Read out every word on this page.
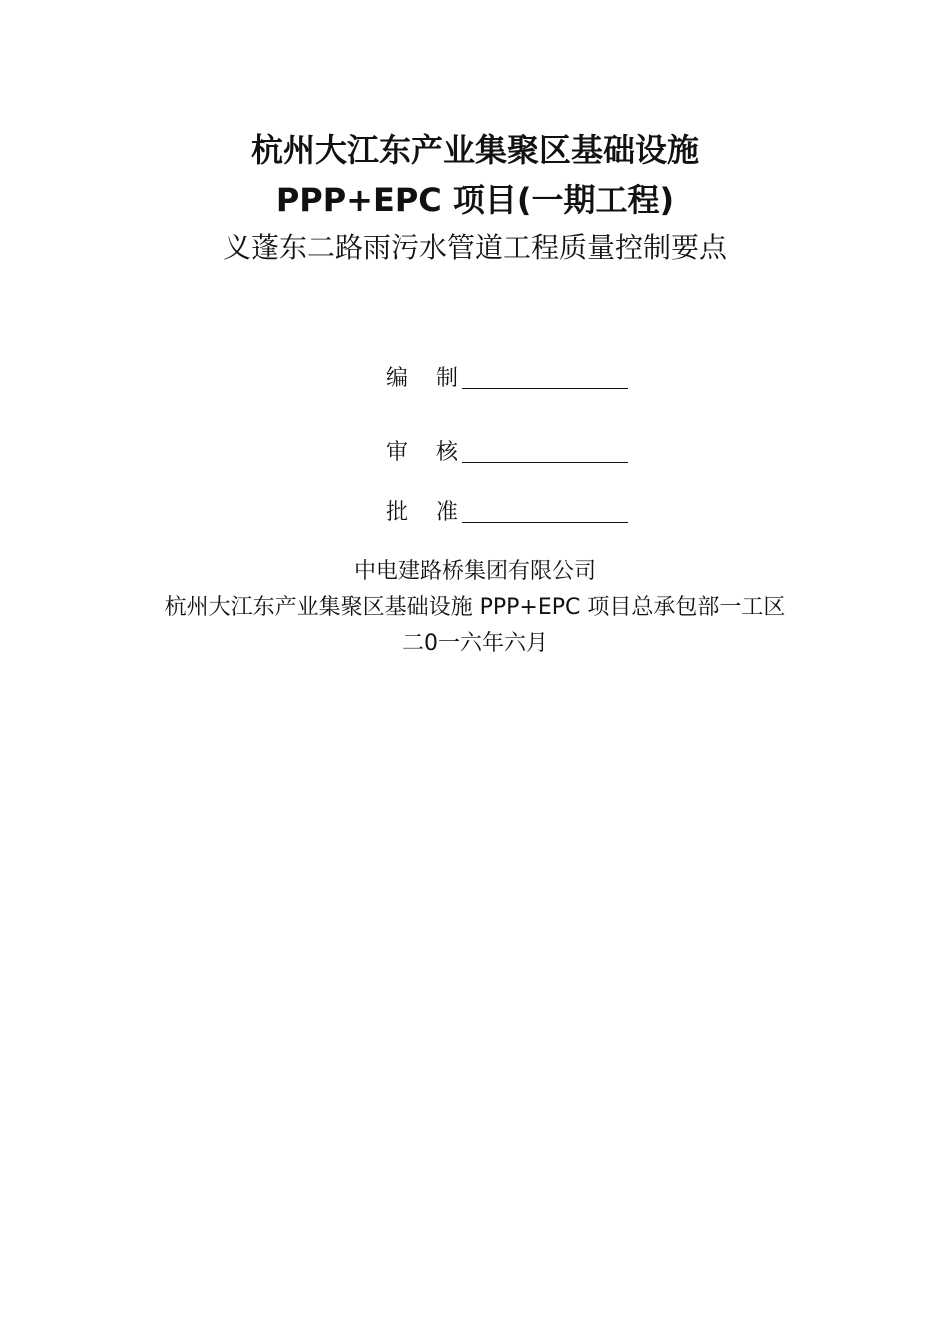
杭州大江东产业集聚区基础设施
PPP+EPC 项目(一期工程)
义蓬东二路雨污水管道工程质量控制要点
编制
审核
批准
中电建路桥集团有限公司
杭州大江东产业集聚区基础设施 PPP+EPC 项目总承包部一工区
二0一六年六月
